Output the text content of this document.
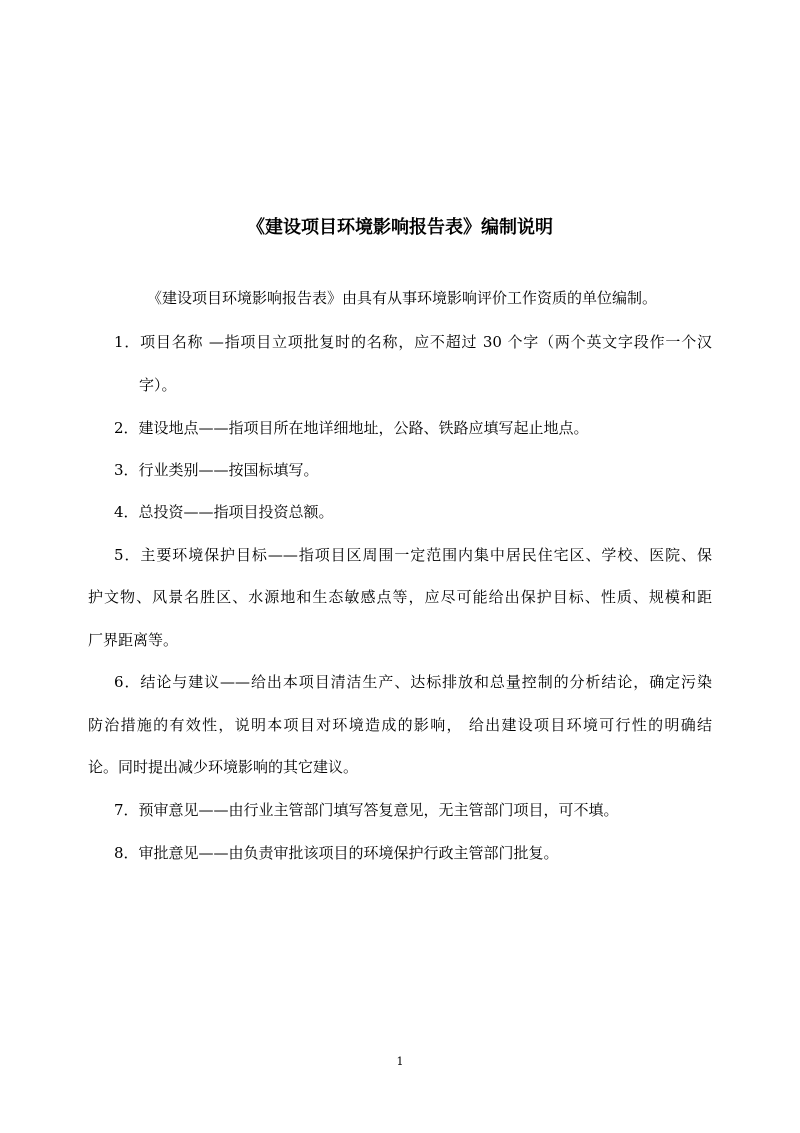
《建设项目环境影响报告表》编制说明

《建设项目环境影响报告表》由具有从事环境影响评价工作资质的单位编制。

1．项目名称 —指项目立项批复时的名称，应不超过 30 个字（两个英文字段作一个汉

字）。

2．建设地点——指项目所在地详细地址，公路、铁路应填写起止地点。

3．行业类别——按国标填写。

4．总投资——指项目投资总额。

5．主要环境保护目标——指项目区周围一定范围内集中居民住宅区、学校、医院、保

护文物、风景名胜区、水源地和生态敏感点等，应尽可能给出保护目标、性质、规模和距

厂界距离等。

6．结论与建议——给出本项目清洁生产、达标排放和总量控制的分析结论，确定污染

防治措施的有效性，说明本项目对环境造成的影响， 给出建设项目环境可行性的明确结

论。同时提出减少环境影响的其它建议。

7．预审意见——由行业主管部门填写答复意见，无主管部门项目，可不填。

8．审批意见——由负责审批该项目的环境保护行政主管部门批复。

1
